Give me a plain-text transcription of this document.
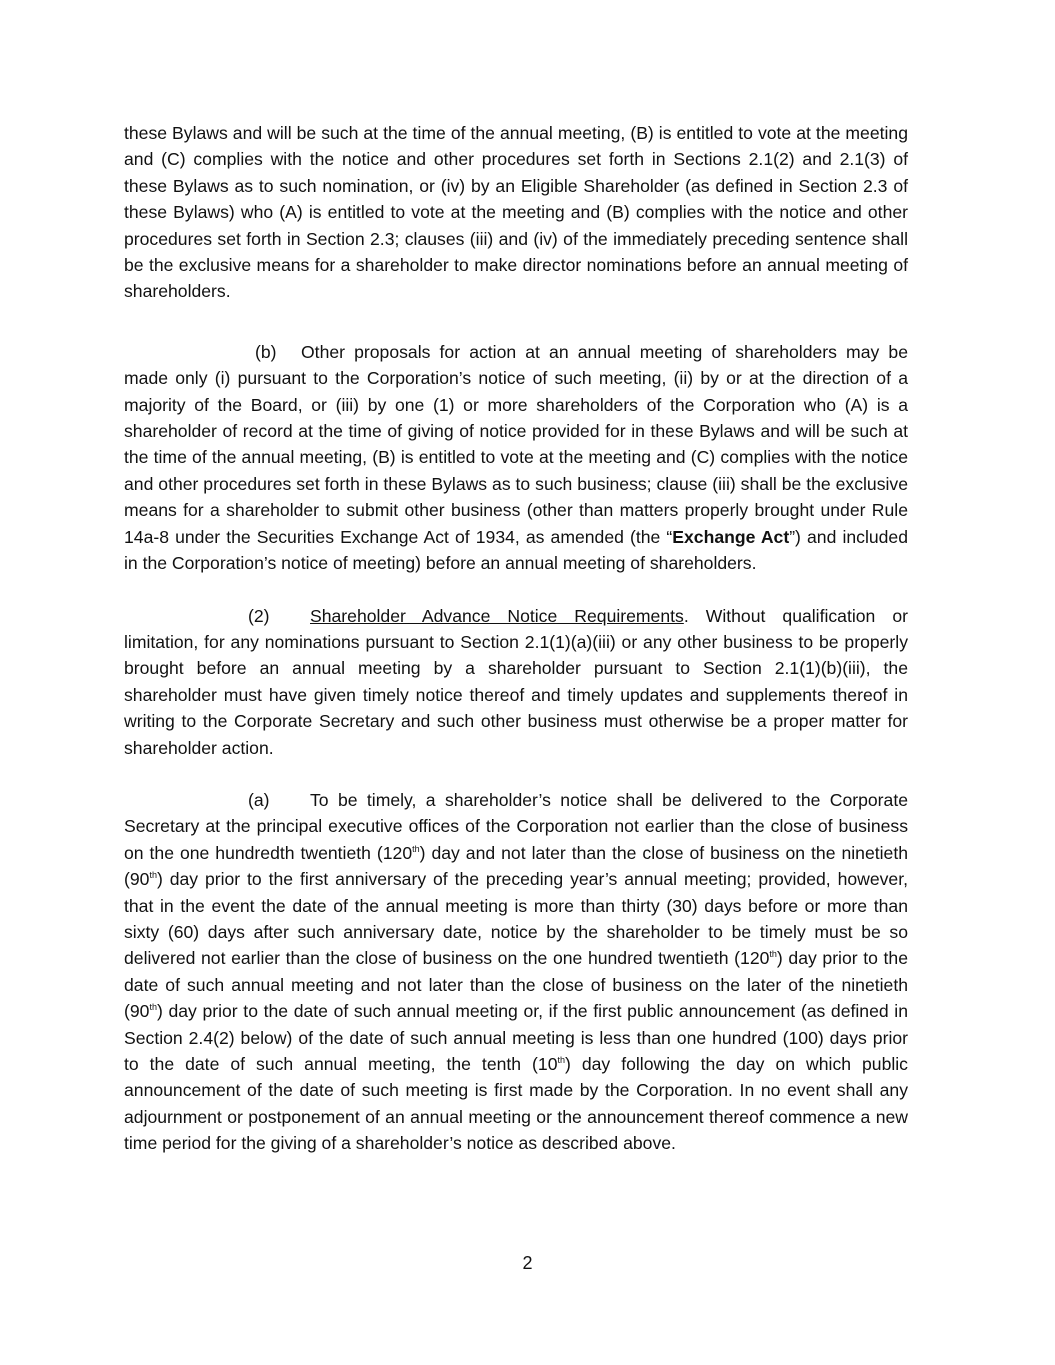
these Bylaws and will be such at the time of the annual meeting, (B) is entitled to vote at the meeting and (C) complies with the notice and other procedures set forth in Sections 2.1(2) and 2.1(3) of these Bylaws as to such nomination, or (iv) by an Eligible Shareholder (as defined in Section 2.3 of these Bylaws) who (A) is entitled to vote at the meeting and (B) complies with the notice and other procedures set forth in Section 2.3; clauses (iii) and (iv) of the immediately preceding sentence shall be the exclusive means for a shareholder to make director nominations before an annual meeting of shareholders.

(b) Other proposals for action at an annual meeting of shareholders may be made only (i) pursuant to the Corporation’s notice of such meeting, (ii) by or at the direction of a majority of the Board, or (iii) by one (1) or more shareholders of the Corporation who (A) is a shareholder of record at the time of giving of notice provided for in these Bylaws and will be such at the time of the annual meeting, (B) is entitled to vote at the meeting and (C) complies with the notice and other procedures set forth in these Bylaws as to such business; clause (iii) shall be the exclusive means for a shareholder to submit other business (other than matters properly brought under Rule 14a-8 under the Securities Exchange Act of 1934, as amended (the “Exchange Act”) and included in the Corporation’s notice of meeting) before an annual meeting of shareholders.

(2) Shareholder Advance Notice Requirements. Without qualification or limitation, for any nominations pursuant to Section 2.1(1)(a)(iii) or any other business to be properly brought before an annual meeting by a shareholder pursuant to Section 2.1(1)(b)(iii), the shareholder must have given timely notice thereof and timely updates and supplements thereof in writing to the Corporate Secretary and such other business must otherwise be a proper matter for shareholder action.

(a) To be timely, a shareholder’s notice shall be delivered to the Corporate Secretary at the principal executive offices of the Corporation not earlier than the close of business on the one hundredth twentieth (120th) day and not later than the close of business on the ninetieth (90th) day prior to the first anniversary of the preceding year’s annual meeting; provided, however, that in the event the date of the annual meeting is more than thirty (30) days before or more than sixty (60) days after such anniversary date, notice by the shareholder to be timely must be so delivered not earlier than the close of business on the one hundred twentieth (120th) day prior to the date of such annual meeting and not later than the close of business on the later of the ninetieth (90th) day prior to the date of such annual meeting or, if the first public announcement (as defined in Section 2.4(2) below) of the date of such annual meeting is less than one hundred (100) days prior to the date of such annual meeting, the tenth (10th) day following the day on which public announcement of the date of such meeting is first made by the Corporation. In no event shall any adjournment or postponement of an annual meeting or the announcement thereof commence a new time period for the giving of a shareholder’s notice as described above.

2
